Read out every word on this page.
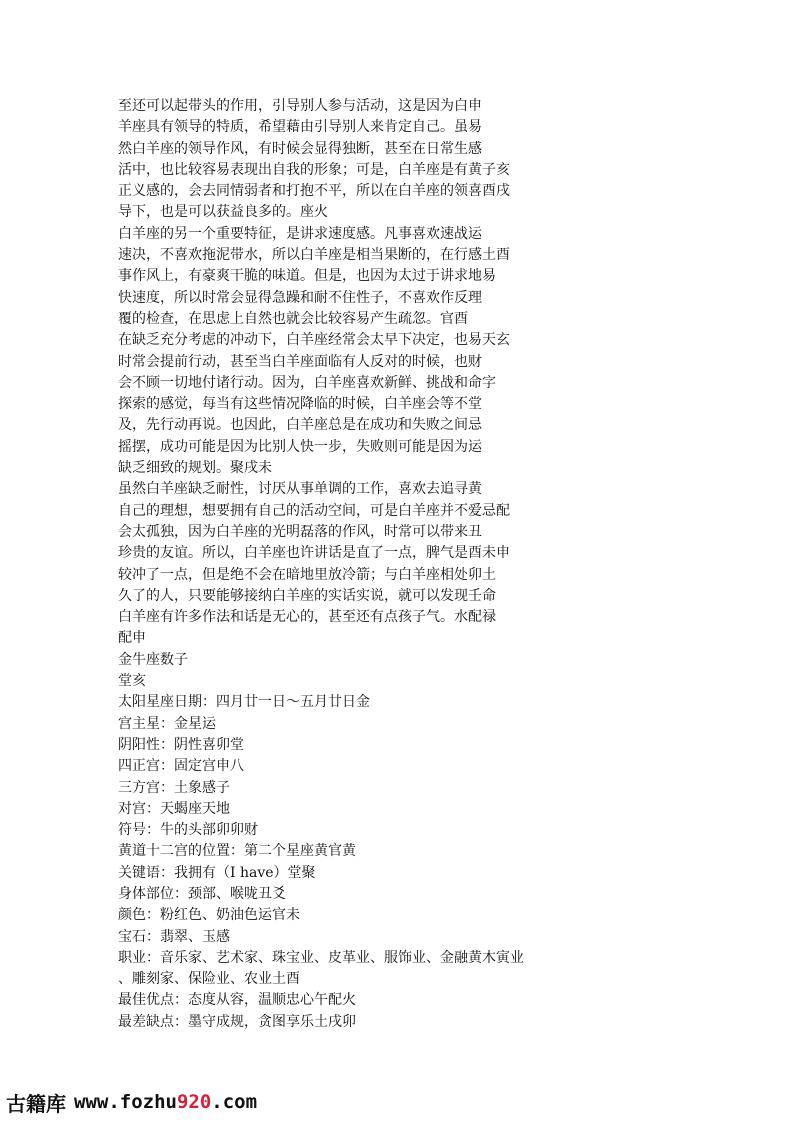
至还可以起带头的作用，引导别人参与活动，这是因为白申
羊座具有领导的特质，希望藉由引导别人来肯定自己。虽易
然白羊座的领导作风，有时候会显得独断，甚至在日常生感
活中，也比较容易表现出自我的形象；可是，白羊座是有黄子亥
正义感的，会去同情弱者和打抱不平，所以在白羊座的领喜酉戌
导下，也是可以获益良多的。座火
白羊座的另一个重要特征，是讲求速度感。凡事喜欢速战运
速决，不喜欢拖泥带水，所以白羊座是相当果断的，在行感土酉
事作风上，有豪爽干脆的味道。但是，也因为太过于讲求地易
快速度，所以时常会显得急躁和耐不住性子，不喜欢作反理
覆的检查，在思虑上自然也就会比较容易产生疏忽。官酉
在缺乏充分考虑的冲动下，白羊座经常会太早下决定，也易天玄
时常会提前行动，甚至当白羊座面临有人反对的时候，也财
会不顾一切地付诸行动。因为，白羊座喜欢新鲜、挑战和命字
探索的感觉，每当有这些情况降临的时候，白羊座会等不堂
及，先行动再说。也因此，白羊座总是在成功和失败之间忌
摇摆，成功可能是因为比别人快一步，失败则可能是因为运
缺乏细致的规划。聚戌未
虽然白羊座缺乏耐性，讨厌从事单调的工作，喜欢去追寻黄
自己的理想，想要拥有自己的活动空间，可是白羊座并不爱忌配
会太孤独，因为白羊座的光明磊落的作风，时常可以带来丑
珍贵的友谊。所以，白羊座也许讲话是直了一点，脾气是酉未申
较冲了一点，但是绝不会在暗地里放冷箭；与白羊座相处卯土
久了的人，只要能够接纳白羊座的实话实说，就可以发现壬命
白羊座有许多作法和话是无心的，甚至还有点孩子气。水配禄
配申
金牛座数子
堂亥
太阳星座日期：四月廿一日～五月廿日金
宫主星：金星运
阴阳性：阴性喜卯堂
四正宫：固定宫申八
三方宫：土象感子
对宫：天蝎座天地
符号：牛的头部卯卯财
黄道十二宫的位置：第二个星座黄官黄
关键语：我拥有（I have）堂聚
身体部位：颈部、喉咙丑爻
颜色：粉红色、奶油色运官未
宝石：翡翠、玉感
职业：音乐家、艺术家、珠宝业、皮革业、服饰业、金融黄木寅业
、雕刻家、保险业、农业土酉
最佳优点：态度从容，温顺忠心午配火
最差缺点：墨守成规，贪图享乐土戌卯
古籍库 www.fozhu 920 .com
